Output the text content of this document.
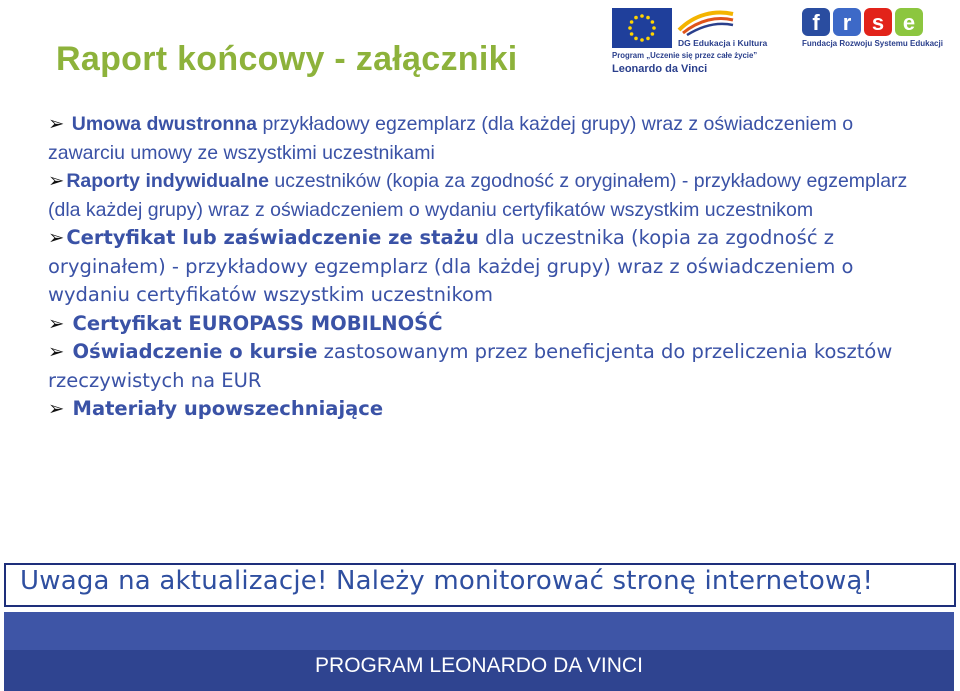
Raport końcowy - załączniki	DG Edukacja i Kultura
Program „Uczenie się przez całe życie”
Leonardo da Vinci
f r s e
Fundacja Rozwoju Systemu Edukacji
➢ Umowa dwustronna przykładowy egzemplarz (dla każdej grupy) wraz z oświadczeniem o zawarciu umowy ze wszystkimi uczestnikami
➢ Raporty indywidualne uczestników (kopia za zgodność z oryginałem) - przykładowy egzemplarz (dla każdej grupy) wraz z oświadczeniem o wydaniu certyfikatów wszystkim uczestnikom
➢ Certyfikat lub zaświadczenie ze stażu dla uczestnika (kopia za zgodność z oryginałem) - przykładowy egzemplarz (dla każdej grupy) wraz z oświadczeniem o wydaniu certyfikatów wszystkim uczestnikom
➢ Certyfikat EUROPASS MOBILNOŚĆ
➢ Oświadczenie o kursie zastosowanym przez beneficjenta do przeliczenia kosztów rzeczywistych na EUR
➢ Materiały upowszechniające
Uwaga na aktualizacje! Należy monitorować stronę internetową!
PROGRAM LEONARDO DA VINCI
